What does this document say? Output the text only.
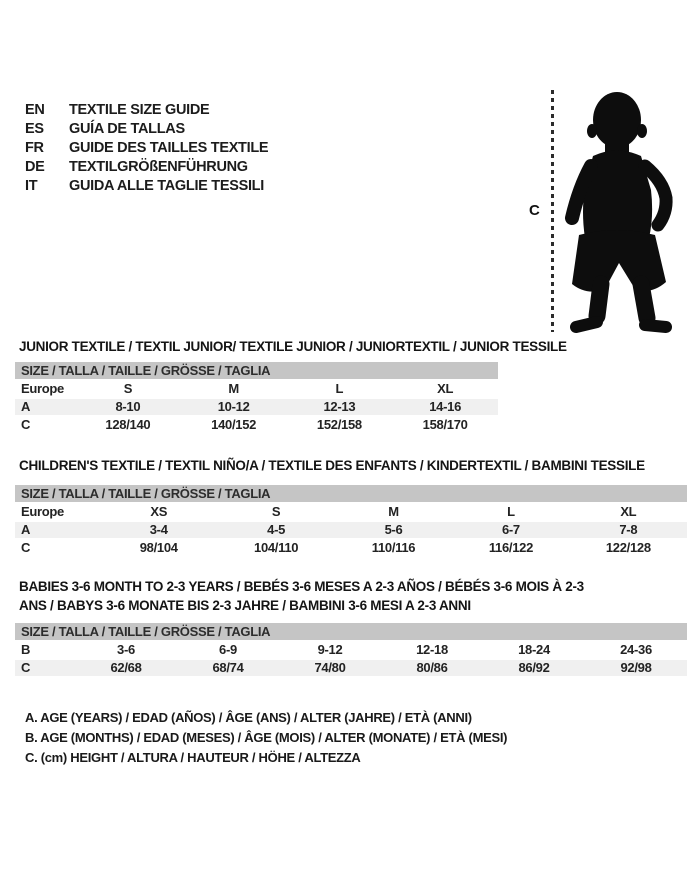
EN	TEXTILE SIZE GUIDE
ES	GUÍA DE TALLAS
FR	GUIDE DES TAILLES TEXTILE
DE	TEXTILGRÖßENFÜHRUNG
IT	GUIDA ALLE TAGLIE TESSILI
C
JUNIOR TEXTILE / TEXTIL JUNIOR/ TEXTILE JUNIOR / JUNIORTEXTIL / JUNIOR TESSILE
SIZE / TALLA / TAILLE / GRÖSSE / TAGLIA
Europe	S	M	L	XL
A	8-10	10-12	12-13	14-16
C	128/140	140/152	152/158	158/170
CHILDREN'S TEXTILE / TEXTIL NIÑO/A / TEXTILE DES ENFANTS / KINDERTEXTIL / BAMBINI TESSILE
SIZE / TALLA / TAILLE / GRÖSSE / TAGLIA
Europe	XS	S	M	L	XL
A	3-4	4-5	5-6	6-7	7-8
C	98/104	104/110	110/116	116/122	122/128
BABIES 3-6 MONTH TO 2-3 YEARS / BEBÉS 3-6 MESES A 2-3 AÑOS / BÉBÉS 3-6 MOIS À 2-3 ANS / BABYS 3-6 MONATE BIS 2-3 JAHRE / BAMBINI 3-6 MESI A 2-3 ANNI
SIZE / TALLA / TAILLE / GRÖSSE / TAGLIA
B	3-6	6-9	9-12	12-18	18-24	24-36
C	62/68	68/74	74/80	80/86	86/92	92/98
A. AGE (YEARS) / EDAD (AÑOS) / ÂGE (ANS) / ALTER (JAHRE) / ETÀ (ANNI)
B. AGE (MONTHS) / EDAD (MESES) / ÂGE (MOIS) / ALTER (MONATE) / ETÀ (MESI)
C. (cm) HEIGHT / ALTURA / HAUTEUR / HÖHE / ALTEZZA
